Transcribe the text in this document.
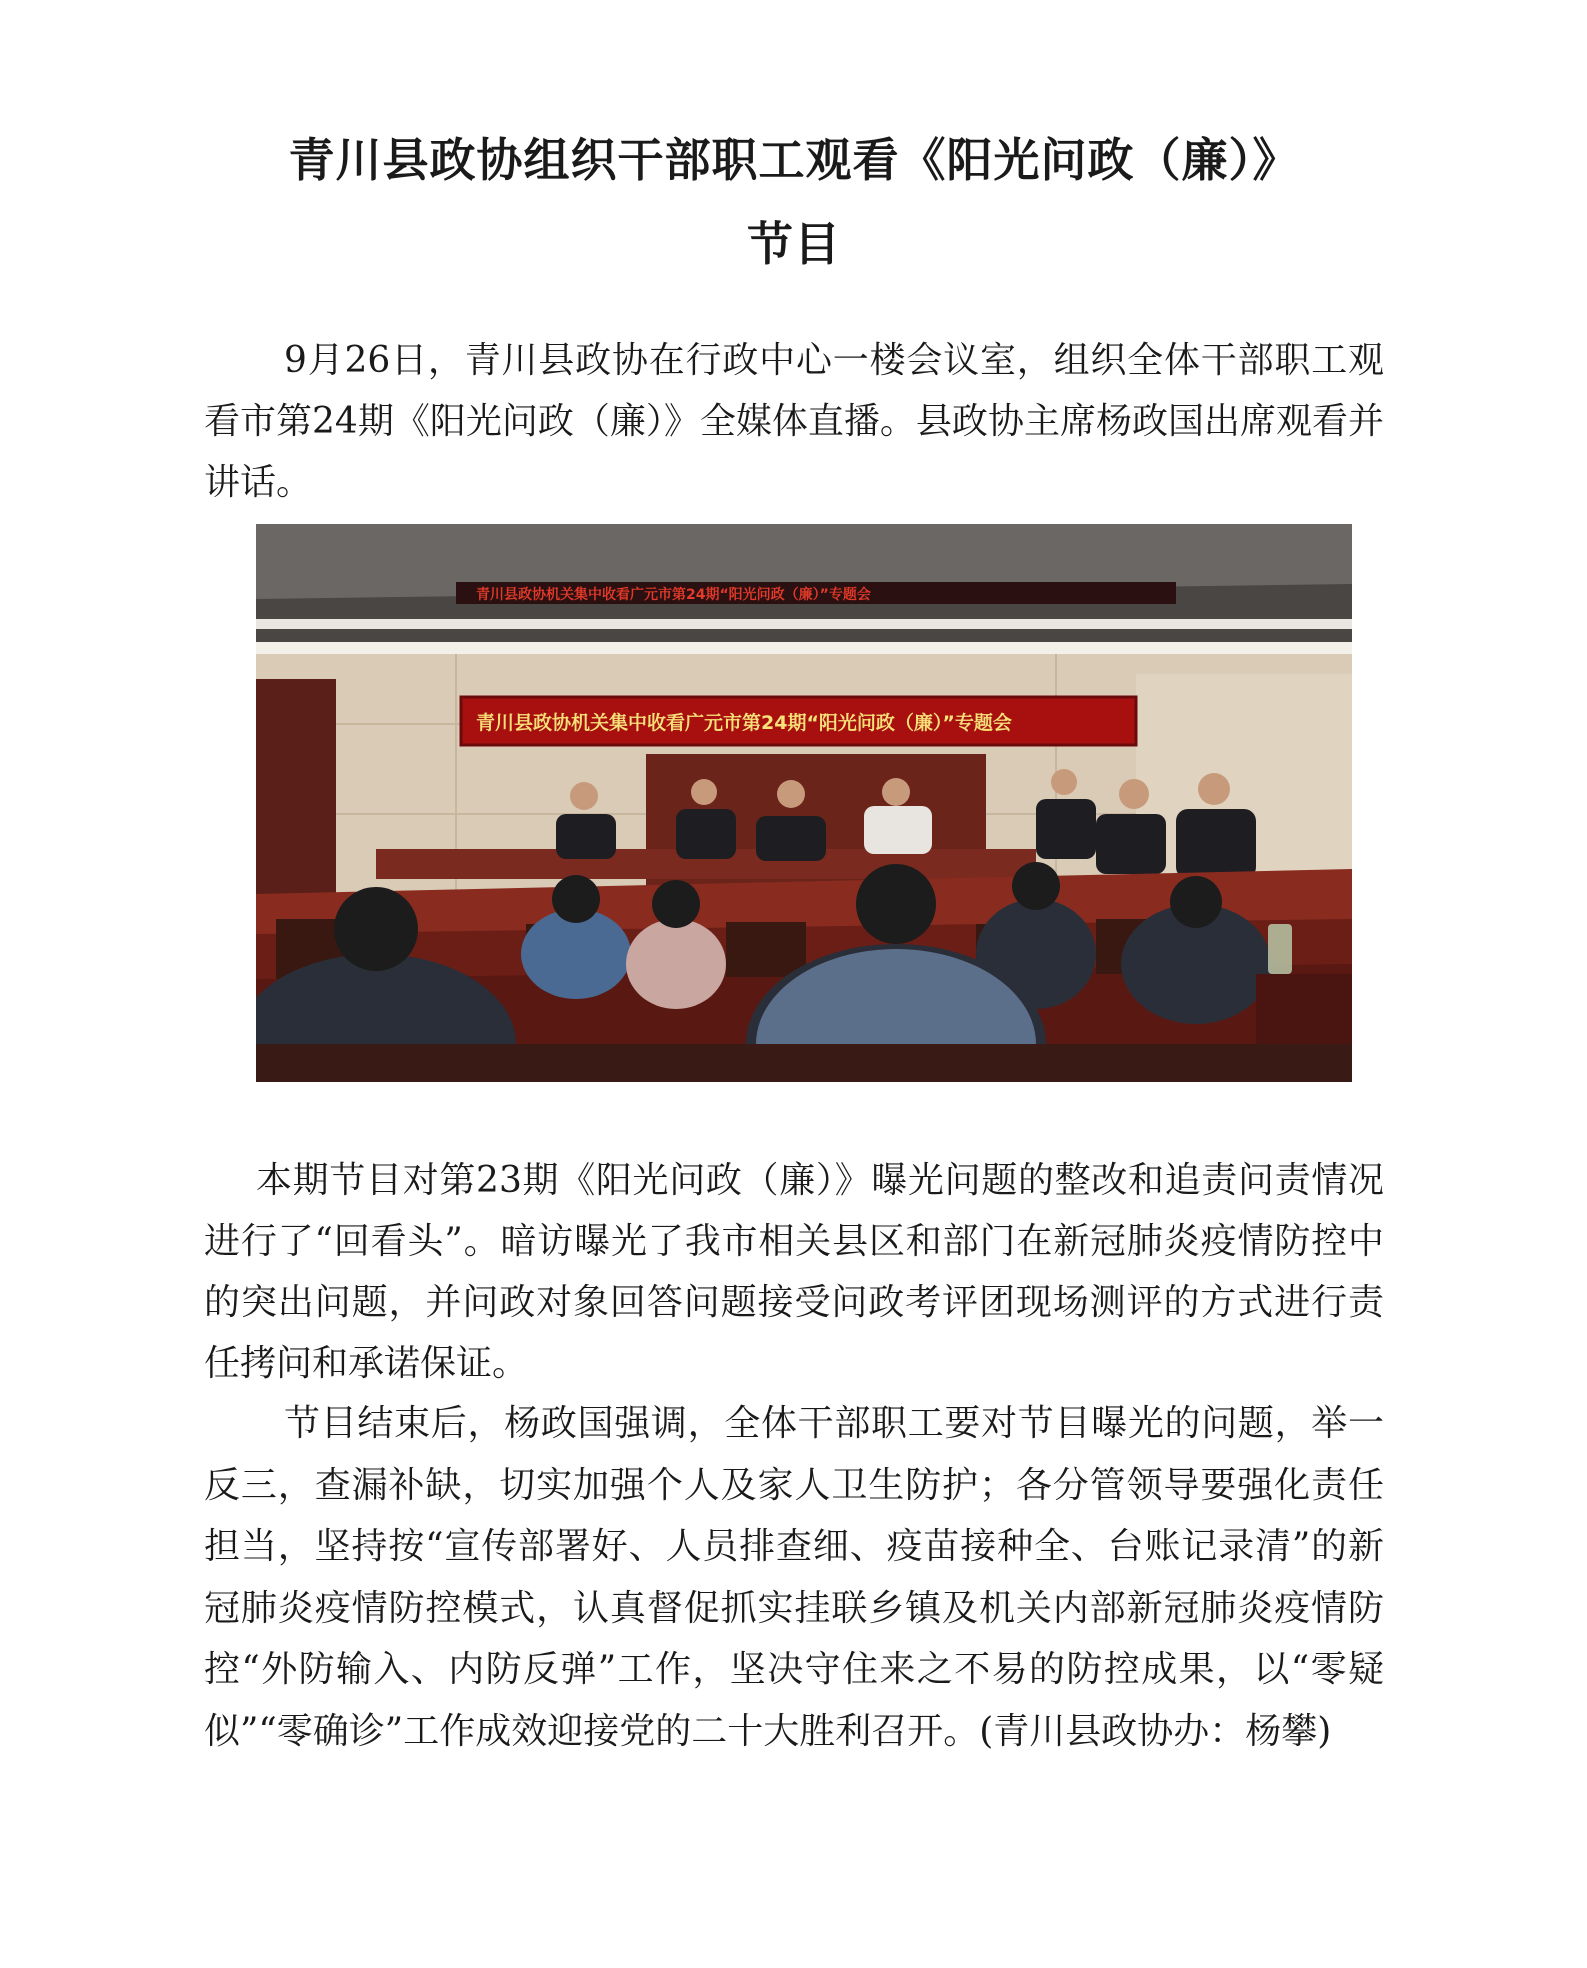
青川县政协组织干部职工观看《阳光问政（廉）》
节目

9月26日，青川县政协在行政中心一楼会议室，组织全体干部职工观看市第24期《阳光问政（廉）》全媒体直播。县政协主席杨政国出席观看并讲话。

青川县政协机关集中收看广元市第24期“阳光问政（廉）”专题会
青川县政协机关集中收看广元市第24期“阳光问政（廉）”专题会

本期节目对第23期《阳光问政（廉）》曝光问题的整改和追责问责情况进行了“回看头”。暗访曝光了我市相关县区和部门在新冠肺炎疫情防控中的突出问题，并问政对象回答问题接受问政考评团现场测评的方式进行责任拷问和承诺保证。

节目结束后，杨政国强调，全体干部职工要对节目曝光的问题，举一反三，查漏补缺，切实加强个人及家人卫生防护；各分管领导要强化责任担当，坚持按“宣传部署好、人员排查细、疫苗接种全、台账记录清”的新冠肺炎疫情防控模式，认真督促抓实挂联乡镇及机关内部新冠肺炎疫情防控“外防输入、内防反弹”工作，坚决守住来之不易的防控成果，以“零疑似”“零确诊”工作成效迎接党的二十大胜利召开。(青川县政协办：杨攀)
